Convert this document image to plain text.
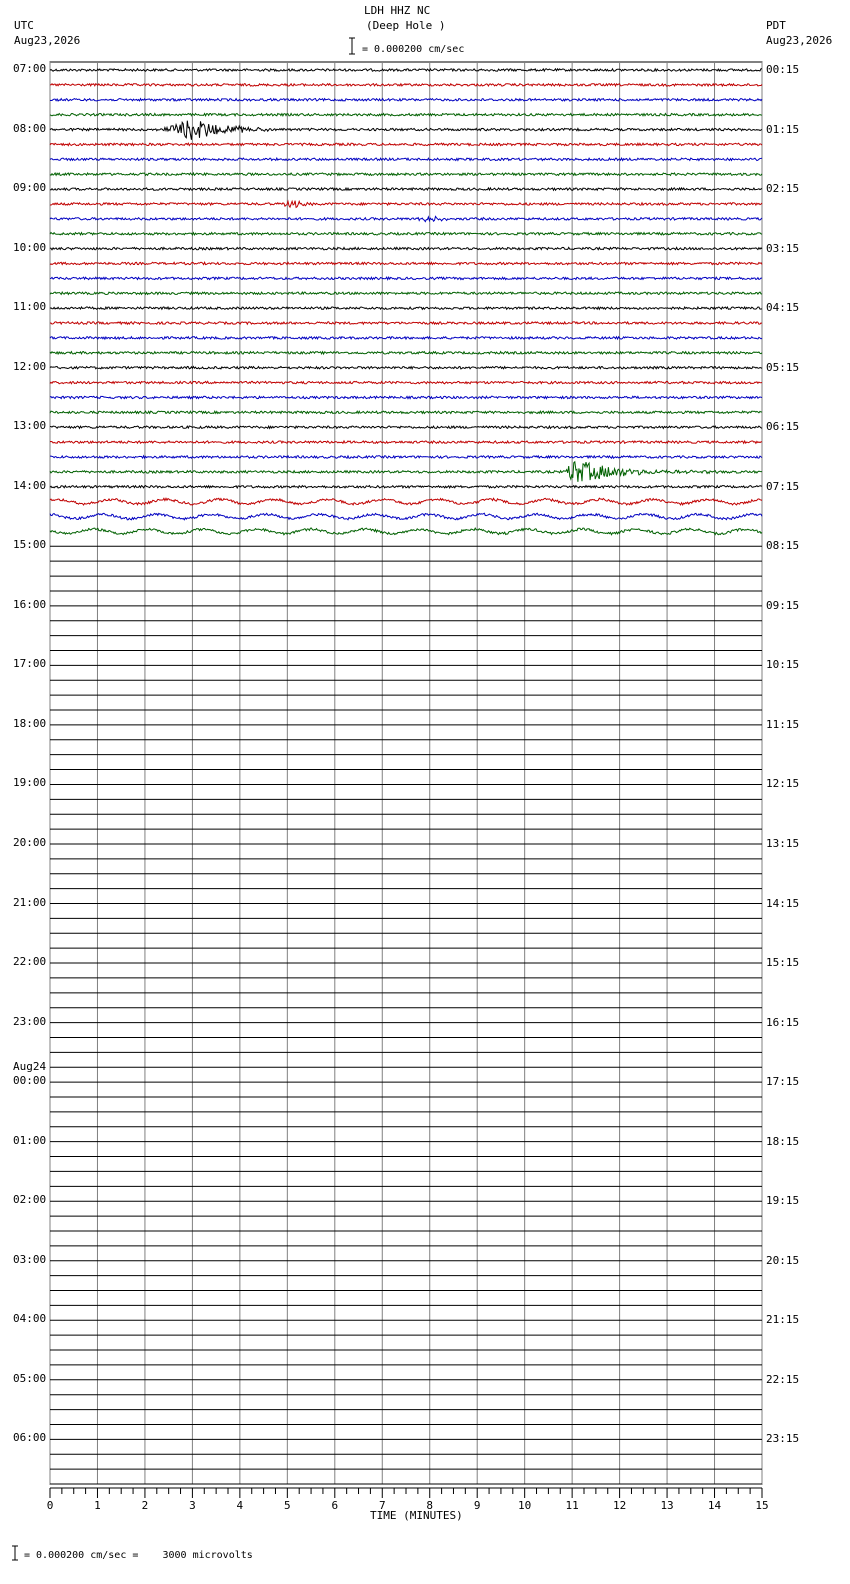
0	1	2	3	4	5	6	7	8	9	10	11	12	13	14	15
LDH HHZ NC
(Deep Hole )
= 0.000200 cm/sec
UTC
Aug23,2026
PDT
Aug23,2026
TIME (MINUTES)
= 0.000200 cm/sec =    3000 microvolts
07:00
08:00
09:00
10:00
11:00
12:00
13:00
14:00
15:00
16:00
17:00
18:00
19:00
20:00
21:00
22:00
23:00
00:00
01:00
02:00
03:00
04:00
05:00
06:00
Aug24
00:15
01:15
02:15
03:15
04:15
05:15
06:15
07:15
08:15
09:15
10:15
11:15
12:15
13:15
14:15
15:15
16:15
17:15
18:15
19:15
20:15
21:15
22:15
23:15
